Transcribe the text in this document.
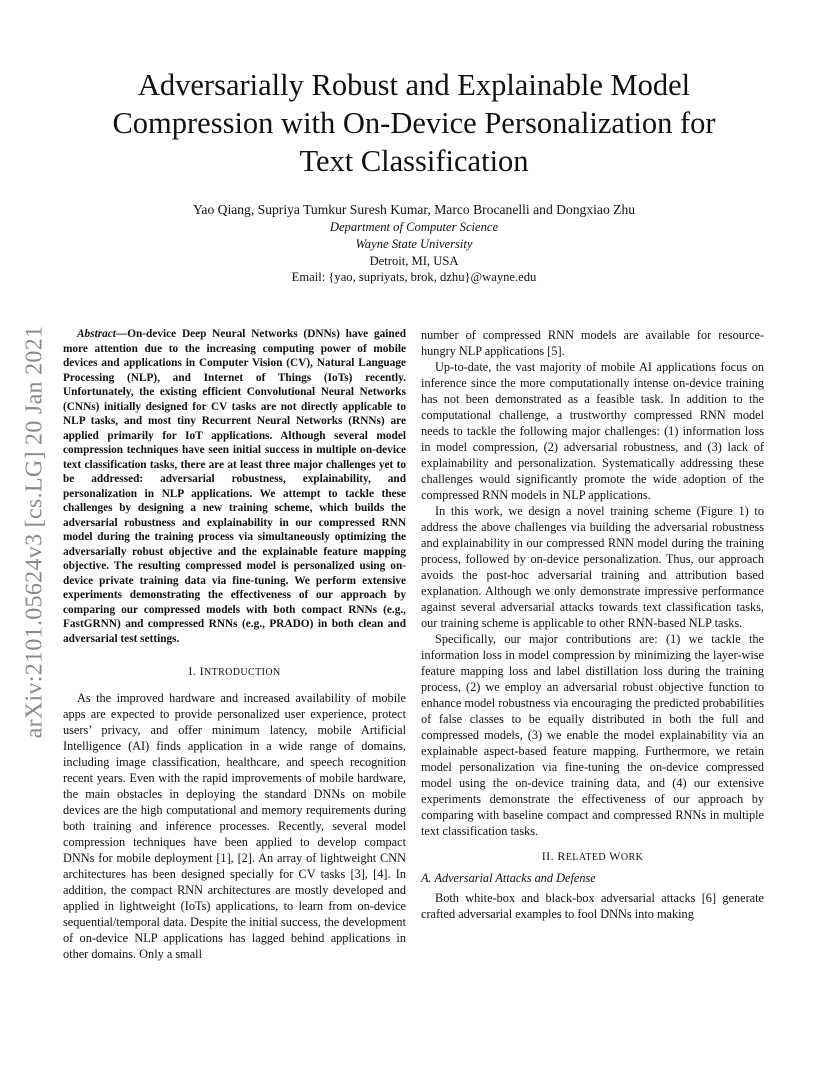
arXiv:2101.05624v3 [cs.LG] 20 Jan 2021
Adversarially Robust and Explainable Model
Compression with On-Device Personalization for
Text Classification
Yao Qiang, Supriya Tumkur Suresh Kumar, Marco Brocanelli and Dongxiao Zhu
Department of Computer Science
Wayne State University
Detroit, MI, USA
Email: {yao, supriyats, brok, dzhu}@wayne.edu

Abstract—On-device Deep Neural Networks (DNNs) have gained more attention due to the increasing computing power of mobile devices and applications in Computer Vision (CV), Natural Language Processing (NLP), and Internet of Things (IoTs) recently. Unfortunately, the existing efficient Convolutional Neural Networks (CNNs) initially designed for CV tasks are not directly applicable to NLP tasks, and most tiny Recurrent Neural Networks (RNNs) are applied primarily for IoT applications. Although several model compression techniques have seen initial success in multiple on-device text classification tasks, there are at least three major challenges yet to be addressed: adversarial robustness, explainability, and personalization in NLP applications. We attempt to tackle these challenges by designing a new training scheme, which builds the adversarial robustness and explainability in our compressed RNN model during the training process via simultaneously optimizing the adversarially robust objective and the explainable feature mapping objective. The resulting compressed model is personalized using on-device private training data via fine-tuning. We perform extensive experiments demonstrating the effectiveness of our approach by comparing our compressed models with both compact RNNs (e.g., FastGRNN) and compressed RNNs (e.g., PRADO) in both clean and adversarial test settings.

I. INTRODUCTION

As the improved hardware and increased availability of mobile apps are expected to provide personalized user experience, protect users’ privacy, and offer minimum latency, mobile Artificial Intelligence (AI) finds application in a wide range of domains, including image classification, healthcare, and speech recognition recent years. Even with the rapid improvements of mobile hardware, the main obstacles in deploying the standard DNNs on mobile devices are the high computational and memory requirements during both training and inference processes. Recently, several model compression techniques have been applied to develop compact DNNs for mobile deployment [1], [2]. An array of lightweight CNN architectures has been designed specially for CV tasks [3], [4]. In addition, the compact RNN architectures are mostly developed and applied in lightweight (IoTs) applications, to learn from on-device sequential/temporal data. Despite the initial success, the development of on-device NLP applications has lagged behind applications in other domains. Only a small

number of compressed RNN models are available for resource-hungry NLP applications [5].

Up-to-date, the vast majority of mobile AI applications focus on inference since the more computationally intense on-device training has not been demonstrated as a feasible task. In addition to the computational challenge, a trustworthy compressed RNN model needs to tackle the following major challenges: (1) information loss in model compression, (2) adversarial robustness, and (3) lack of explainability and personalization. Systematically addressing these challenges would significantly promote the wide adoption of the compressed RNN models in NLP applications.

In this work, we design a novel training scheme (Figure 1) to address the above challenges via building the adversarial robustness and explainability in our compressed RNN model during the training process, followed by on-device personalization. Thus, our approach avoids the post-hoc adversarial training and attribution based explanation. Although we only demonstrate impressive performance against several adversarial attacks towards text classification tasks, our training scheme is applicable to other RNN-based NLP tasks.

Specifically, our major contributions are: (1) we tackle the information loss in model compression by minimizing the layer-wise feature mapping loss and label distillation loss during the training process, (2) we employ an adversarial robust objective function to enhance model robustness via encouraging the predicted probabilities of false classes to be equally distributed in both the full and compressed models, (3) we enable the model explainability via an explainable aspect-based feature mapping. Furthermore, we retain model personalization via fine-tuning the on-device compressed model using the on-device training data, and (4) our extensive experiments demonstrate the effectiveness of our approach by comparing with baseline compact and compressed RNNs in multiple text classification tasks.

II. RELATED WORK

A. Adversarial Attacks and Defense

Both white-box and black-box adversarial attacks [6] generate crafted adversarial examples to fool DNNs into making
